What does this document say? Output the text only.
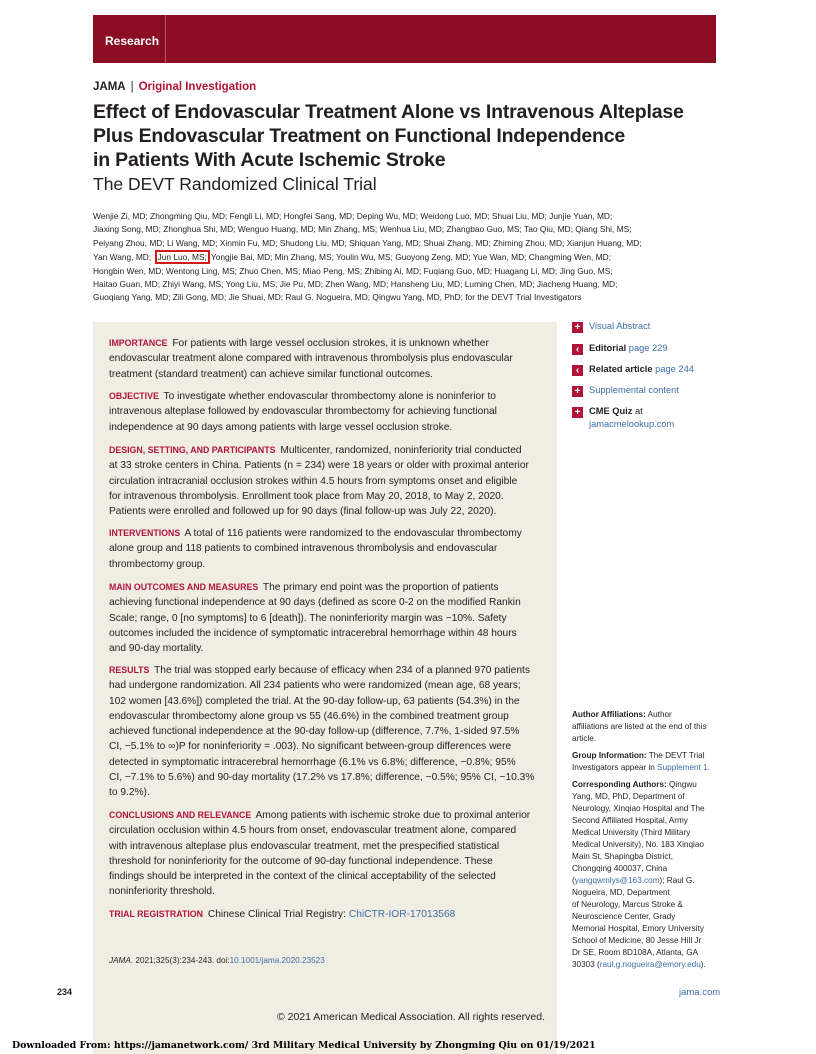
Research
JAMA | Original Investigation
Effect of Endovascular Treatment Alone vs Intravenous Alteplase
Plus Endovascular Treatment on Functional Independence
in Patients With Acute Ischemic Stroke
The DEVT Randomized Clinical Trial
Wenjie Zi, MD; Zhongming Qiu, MD; Fengli Li, MD; Hongfei Sang, MD; Deping Wu, MD; Weidong Luo, MD; Shuai Liu, MD; Junjie Yuan, MD;
Jiaxing Song, MD; Zhonghua Shi, MD; Wenguo Huang, MD; Min Zhang, MS; Wenhua Liu, MD; Zhangbao Guo, MS; Tao Qiu, MD; Qiang Shi, MS;
Peiyang Zhou, MD; Li Wang, MD; Xinmin Fu, MD; Shudong Liu, MD; Shiquan Yang, MD; Shuai Zhang, MD; Zhiming Zhou, MD; Xianjun Huang, MD;
Yan Wang, MD; Jun Luo, MS; Yongjie Bai, MD; Min Zhang, MS; Youlin Wu, MS; Guoyong Zeng, MD; Yue Wan, MD; Changming Wen, MD;
Hongbin Wen, MD; Wentong Ling, MS; Zhuo Chen, MS; Miao Peng, MS; Zhibing Ai, MD; Fuqiang Guo, MD; Huagang Li, MD; Jing Guo, MS;
Haitao Guan, MD; Zhiyi Wang, MS; Yong Liu, MS; Jie Pu, MD; Zhen Wang, MD; Hansheng Liu, MD; Luming Chen, MD; Jiacheng Huang, MD;
Guoqiang Yang, MD; Zili Gong, MD; Jie Shuai, MD; Raul G. Nogueira, MD; Qingwu Yang, MD, PhD; for the DEVT Trial Investigators
IMPORTANCE For patients with large vessel occlusion strokes, it is unknown whether
endovascular treatment alone compared with intravenous thrombolysis plus endovascular
treatment (standard treatment) can achieve similar functional outcomes.
OBJECTIVE To investigate whether endovascular thrombectomy alone is noninferior to
intravenous alteplase followed by endovascular thrombectomy for achieving functional
independence at 90 days among patients with large vessel occlusion stroke.
DESIGN, SETTING, AND PARTICIPANTS Multicenter, randomized, noninferiority trial conducted
at 33 stroke centers in China. Patients (n = 234) were 18 years or older with proximal anterior
circulation intracranial occlusion strokes within 4.5 hours from symptoms onset and eligible
for intravenous thrombolysis. Enrollment took place from May 20, 2018, to May 2, 2020.
Patients were enrolled and followed up for 90 days (final follow-up was July 22, 2020).
INTERVENTIONS A total of 116 patients were randomized to the endovascular thrombectomy
alone group and 118 patients to combined intravenous thrombolysis and endovascular
thrombectomy group.
MAIN OUTCOMES AND MEASURES The primary end point was the proportion of patients
achieving functional independence at 90 days (defined as score 0-2 on the modified Rankin
Scale; range, 0 [no symptoms] to 6 [death]). The noninferiority margin was −10%. Safety
outcomes included the incidence of symptomatic intracerebral hemorrhage within 48 hours
and 90-day mortality.
RESULTS The trial was stopped early because of efficacy when 234 of a planned 970 patients
had undergone randomization. All 234 patients who were randomized (mean age, 68 years;
102 women [43.6%]) completed the trial. At the 90-day follow-up, 63 patients (54.3%) in the
endovascular thrombectomy alone group vs 55 (46.6%) in the combined treatment group
achieved functional independence at the 90-day follow-up (difference, 7.7%, 1-sided 97.5%
CI, −5.1% to ∞)P for noninferiority = .003). No significant between-group differences were
detected in symptomatic intracerebral hemorrhage (6.1% vs 6.8%; difference, −0.8%; 95%
CI, −7.1% to 5.6%) and 90-day mortality (17.2% vs 17.8%; difference, −0.5%; 95% CI, −10.3%
to 9.2%).
CONCLUSIONS AND RELEVANCE Among patients with ischemic stroke due to proximal anterior
circulation occlusion within 4.5 hours from onset, endovascular treatment alone, compared
with intravenous alteplase plus endovascular treatment, met the prespecified statistical
threshold for noninferiority for the outcome of 90-day functional independence. These
findings should be interpreted in the context of the clinical acceptability of the selected
noninferiority threshold.
TRIAL REGISTRATION Chinese Clinical Trial Registry: ChiCTR-IOR-17013568
JAMA. 2021;325(3):234-243. doi:10.1001/jama.2020.23523
© 2021 American Medical Association. All rights reserved.
+ Visual Abstract
‹	Editorial page 229
‹	Related article page 244
+ Supplemental content
+ CME Quiz at
jamacmelookup.com

Author Affiliations: Author
affiliations are listed at the end of this
article.

Group Information: The DEVT Trial
Investigators appear in Supplement 1.

Corresponding Authors: Qingwu
Yang, MD, PhD, Department of
Neurology, Xinqiao Hospital and The
Second Affiliated Hospital, Army
Medical University (Third Military
Medical University), No. 183 Xinqiao
Main St, Shapingba District,
Chongqing 400037, China
(yangqwmlys@163.com); Raul G.
Nogueira, MD, Department
of Neurology, Marcus Stroke &
Neuroscience Center, Grady
Memorial Hospital, Emory University
School of Medicine, 80 Jesse Hill Jr
Dr SE, Room 8D108A, Atlanta, GA
30303 (raul.g.nogueira@emory.edu).

234	jama.com
Downloaded From: https://jamanetwork.com/ 3rd Military Medical University by Zhongming Qiu on 01/19/2021
